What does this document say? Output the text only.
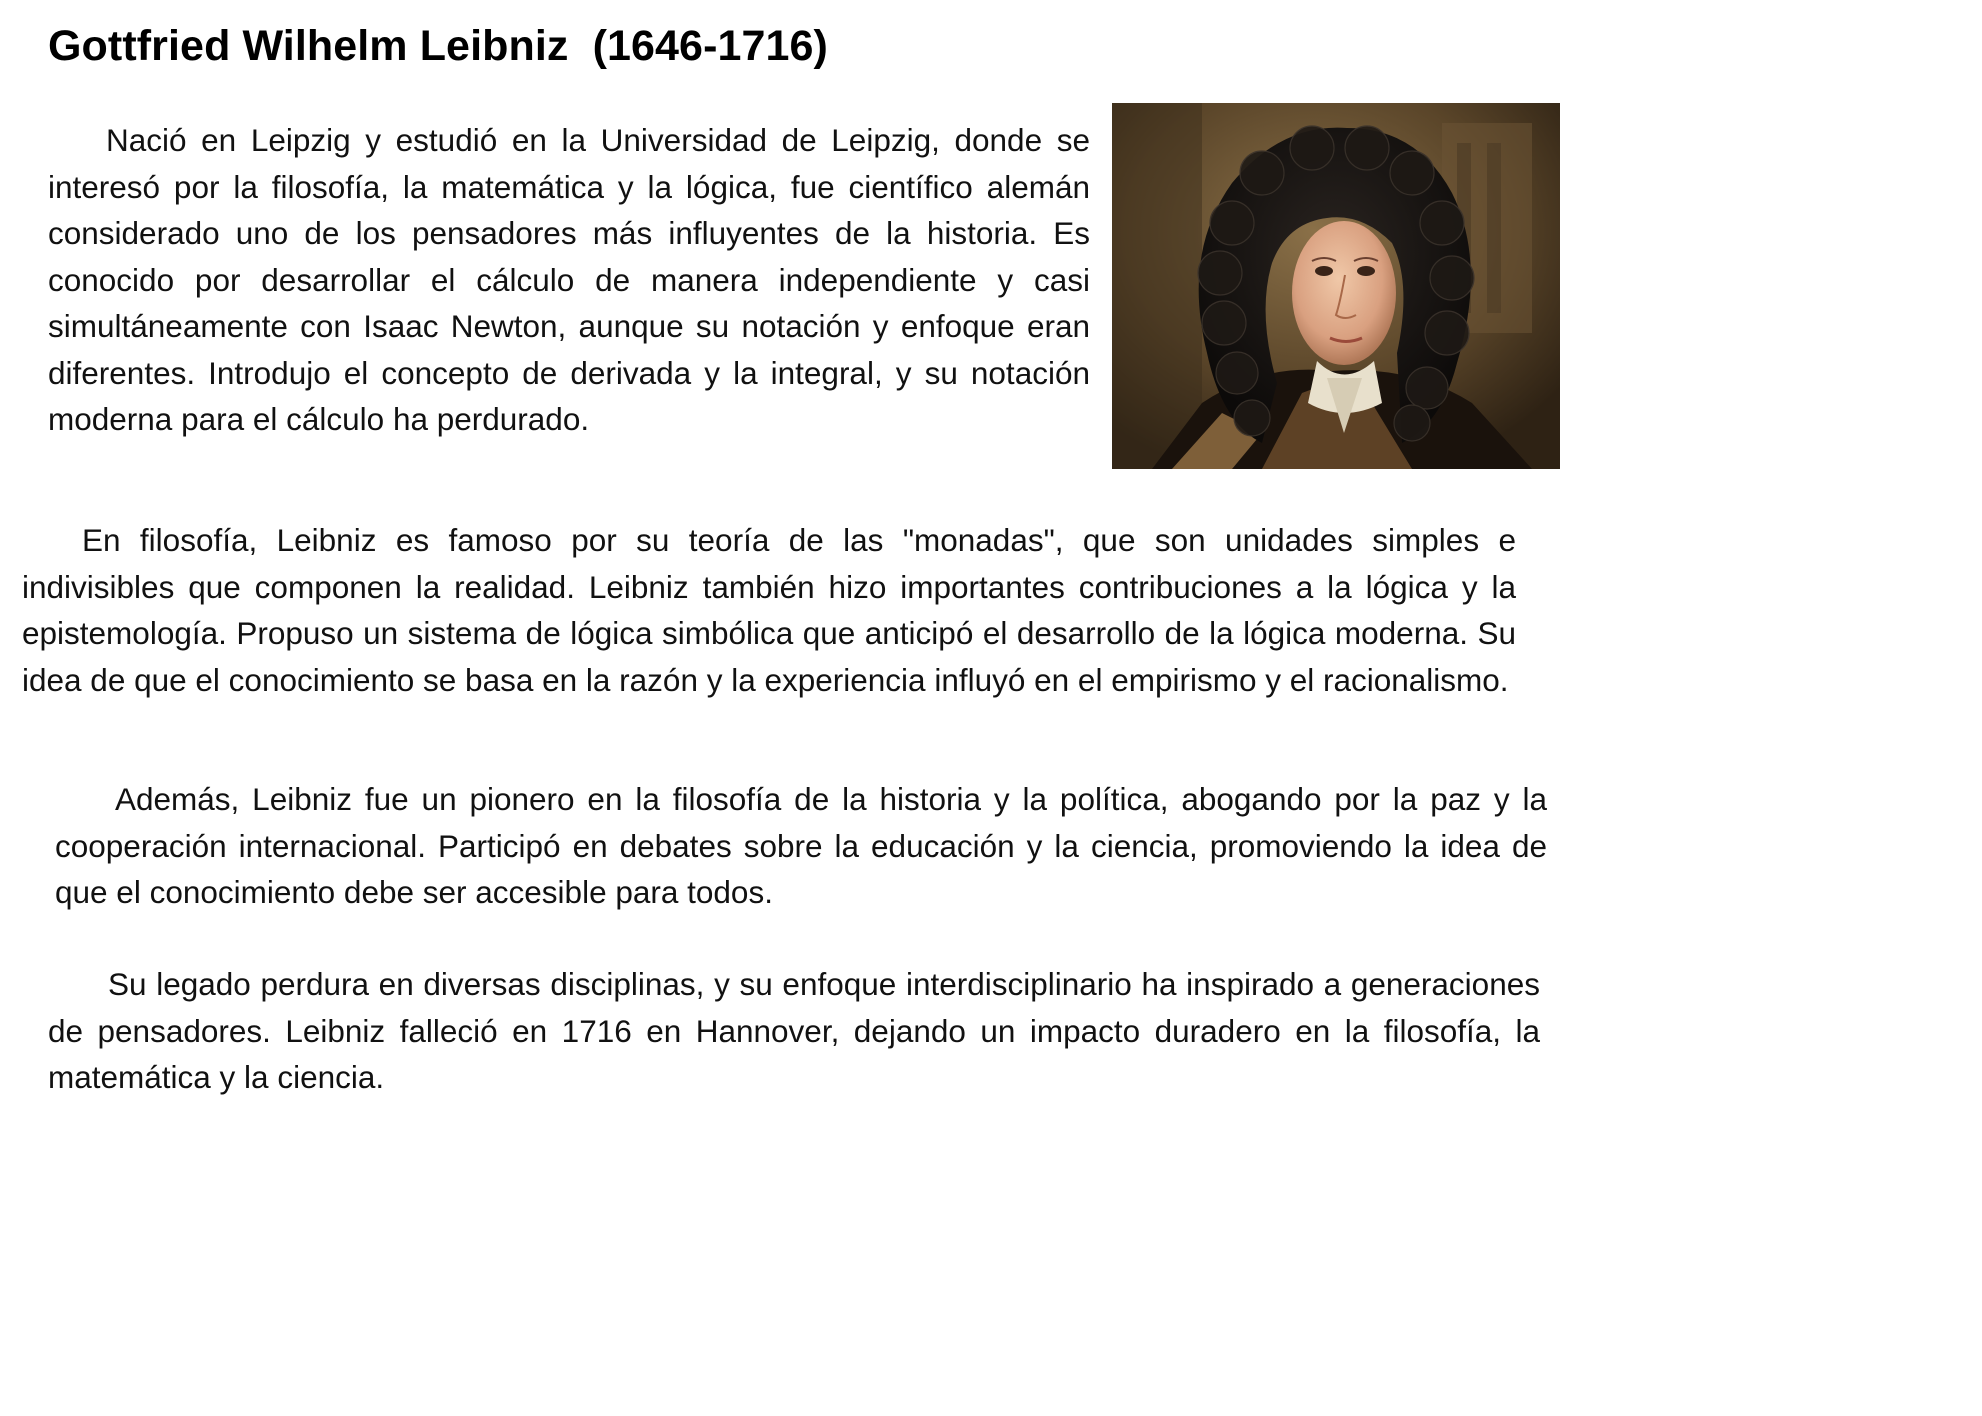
Gottfried Wilhelm Leibniz  (1646-1716)

Nació en Leipzig y estudió en la Universidad de Leipzig, donde se interesó por la filosofía, la matemática y la lógica, fue científico alemán considerado uno de los pensadores más influyentes de la historia. Es conocido por desarrollar el cálculo de manera independiente y casi simultáneamente con Isaac Newton, aunque su notación y enfoque eran diferentes. Introdujo el concepto de derivada y la integral, y su notación moderna para el cálculo ha perdurado.

En filosofía, Leibniz es famoso por su teoría de las "monadas", que son unidades simples e indivisibles que componen la realidad. Leibniz también hizo importantes contribuciones a la lógica y la epistemología. Propuso un sistema de lógica simbólica que anticipó el desarrollo de la lógica moderna. Su idea de que el conocimiento se basa en la razón y la experiencia influyó en el empirismo y el racionalismo.

Además, Leibniz fue un pionero en la filosofía de la historia y la política, abogando por la paz y la cooperación internacional. Participó en debates sobre la educación y la ciencia, promoviendo la idea de que el conocimiento debe ser accesible para todos.

Su legado perdura en diversas disciplinas, y su enfoque interdisciplinario ha inspirado a generaciones de pensadores. Leibniz falleció en 1716 en Hannover, dejando un impacto duradero en la filosofía, la matemática y la ciencia.
